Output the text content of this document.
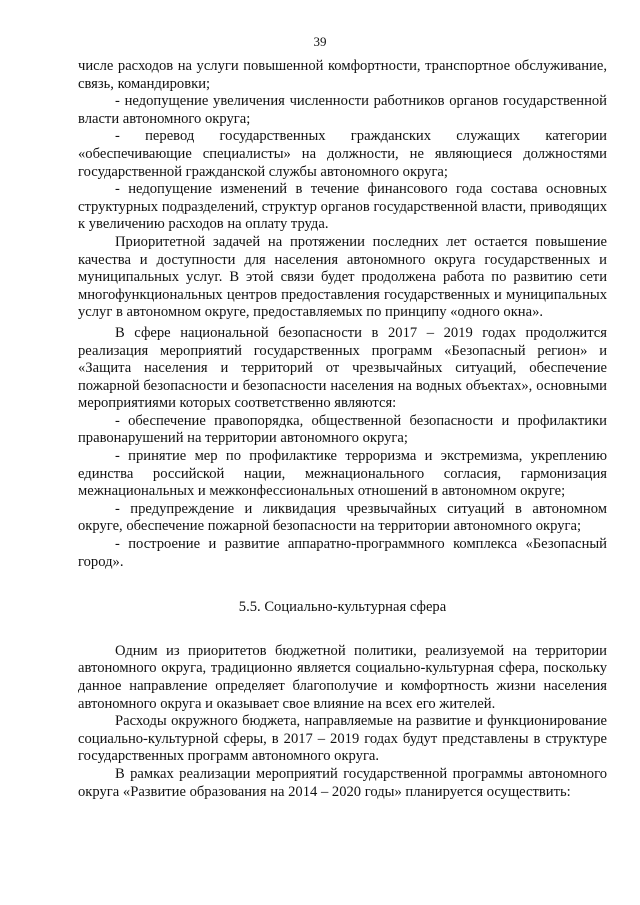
39

числе расходов на услуги повышенной комфортности, транспортное обслуживание, связь, командировки;

- недопущение увеличения численности работников органов государственной власти автономного округа;

- перевод государственных гражданских служащих категории «обеспечивающие специалисты» на должности, не являющиеся должностями государственной гражданской службы автономного округа;

- недопущение изменений в течение финансового года состава основных структурных подразделений, структур органов государственной власти, приводящих к увеличению расходов на оплату труда.

Приоритетной задачей на протяжении последних лет остается повышение качества и доступности для населения автономного округа государственных и муниципальных услуг. В этой связи будет продолжена работа по развитию сети многофункциональных центров предоставления государственных и муниципальных услуг в автономном округе, предоставляемых по принципу «одного окна».

В сфере национальной безопасности в 2017 – 2019 годах продолжится реализация мероприятий государственных программ «Безопасный регион» и «Защита населения и территорий от чрезвычайных ситуаций, обеспечение пожарной безопасности и безопасности населения на водных объектах», основными мероприятиями которых соответственно являются:

- обеспечение правопорядка, общественной безопасности и профилактики правонарушений на территории автономного округа;

- принятие мер по профилактике терроризма и экстремизма, укреплению единства российской нации, межнационального согласия, гармонизация межнациональных и межконфессиональных отношений в автономном округе;

- предупреждение и ликвидация чрезвычайных ситуаций в автономном округе, обеспечение пожарной безопасности на территории автономного округа;

- построение и развитие аппаратно-программного комплекса «Безопасный город».

5.5. Социально-культурная сфера

Одним из приоритетов бюджетной политики, реализуемой на территории автономного округа, традиционно является социально-культурная сфера, поскольку данное направление определяет благополучие и комфортность жизни населения автономного округа и оказывает свое влияние на всех его жителей.

Расходы окружного бюджета, направляемые на развитие и функционирование социально-культурной сферы, в 2017 – 2019 годах будут представлены в структуре государственных программ автономного округа.

В рамках реализации мероприятий государственной программы автономного округа «Развитие образования на 2014 – 2020 годы» планируется осуществить:
